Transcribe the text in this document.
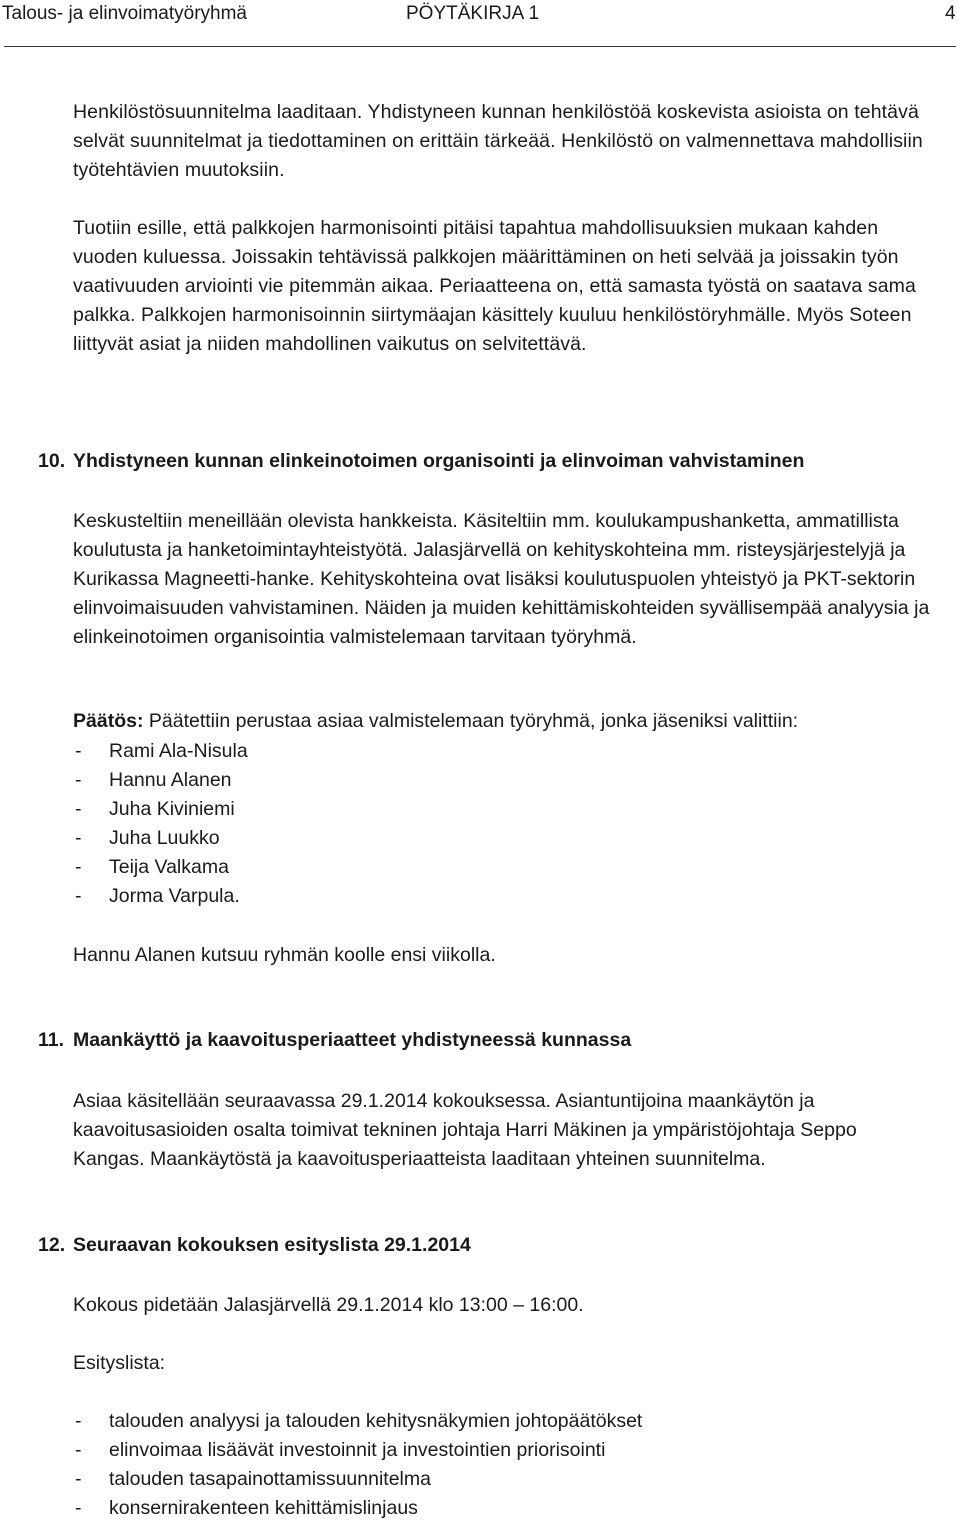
Talous- ja elinvoimatyöryhmä	PÖYTÄKIRJA 1	4

Henkilöstösuunnitelma laaditaan. Yhdistyneen kunnan henkilöstöä koskevista asioista on tehtävä selvät suunnitelmat ja tiedottaminen on erittäin tärkeää. Henkilöstö on valmennettava mahdollisiin työtehtävien muutoksiin.

Tuotiin esille, että palkkojen harmonisointi pitäisi tapahtua mahdollisuuksien mukaan kahden vuoden kuluessa. Joissakin tehtävissä palkkojen määrittäminen on heti selvää ja joissakin työn vaativuuden arviointi vie pitemmän aikaa. Periaatteena on, että samasta työstä on saatava sama palkka. Palkkojen harmonisoinnin siirtymäajan käsittely kuuluu henkilöstöryhmälle. Myös Soteen liittyvät asiat ja niiden mahdollinen vaikutus on selvitettävä.

10. Yhdistyneen kunnan elinkeinotoimen organisointi ja elinvoiman vahvistaminen

Keskusteltiin meneillään olevista hankkeista. Käsiteltiin mm. koulukampushanketta, ammatillista koulutusta ja hanketoimintayhteistyötä. Jalasjärvellä on kehityskohteina mm. risteysjärjestelyjä ja Kurikassa Magneetti-hanke. Kehityskohteina ovat lisäksi koulutuspuolen yhteistyö ja PKT-sektorin elinvoimaisuuden vahvistaminen. Näiden ja muiden kehittämiskohteiden syvällisempää analyysia ja elinkeinotoimen organisointia valmistelemaan tarvitaan työryhmä.

Päätös: Päätettiin perustaa asiaa valmistelemaan työryhmä, jonka jäseniksi valittiin:

- Rami Ala-Nisula
- Hannu Alanen
- Juha Kiviniemi
- Juha Luukko
- Teija Valkama
- Jorma Varpula.

Hannu Alanen kutsuu ryhmän koolle ensi viikolla.

11. Maankäyttö ja kaavoitusperiaatteet yhdistyneessä kunnassa

Asiaa käsitellään seuraavassa 29.1.2014 kokouksessa. Asiantuntijoina maankäytön ja kaavoitusasioiden osalta toimivat tekninen johtaja Harri Mäkinen ja ympäristöjohtaja Seppo Kangas. Maankäytöstä ja kaavoitusperiaatteista laaditaan yhteinen suunnitelma.

12. Seuraavan kokouksen esityslista 29.1.2014

Kokous pidetään Jalasjärvellä 29.1.2014 klo 13:00 – 16:00.

Esityslista:

- talouden analyysi ja talouden kehitysnäkymien johtopäätökset
- elinvoimaa lisäävät investoinnit ja investointien priorisointi
- talouden tasapainottamissuunnitelma
- konsernirakenteen kehittämislinjaus
